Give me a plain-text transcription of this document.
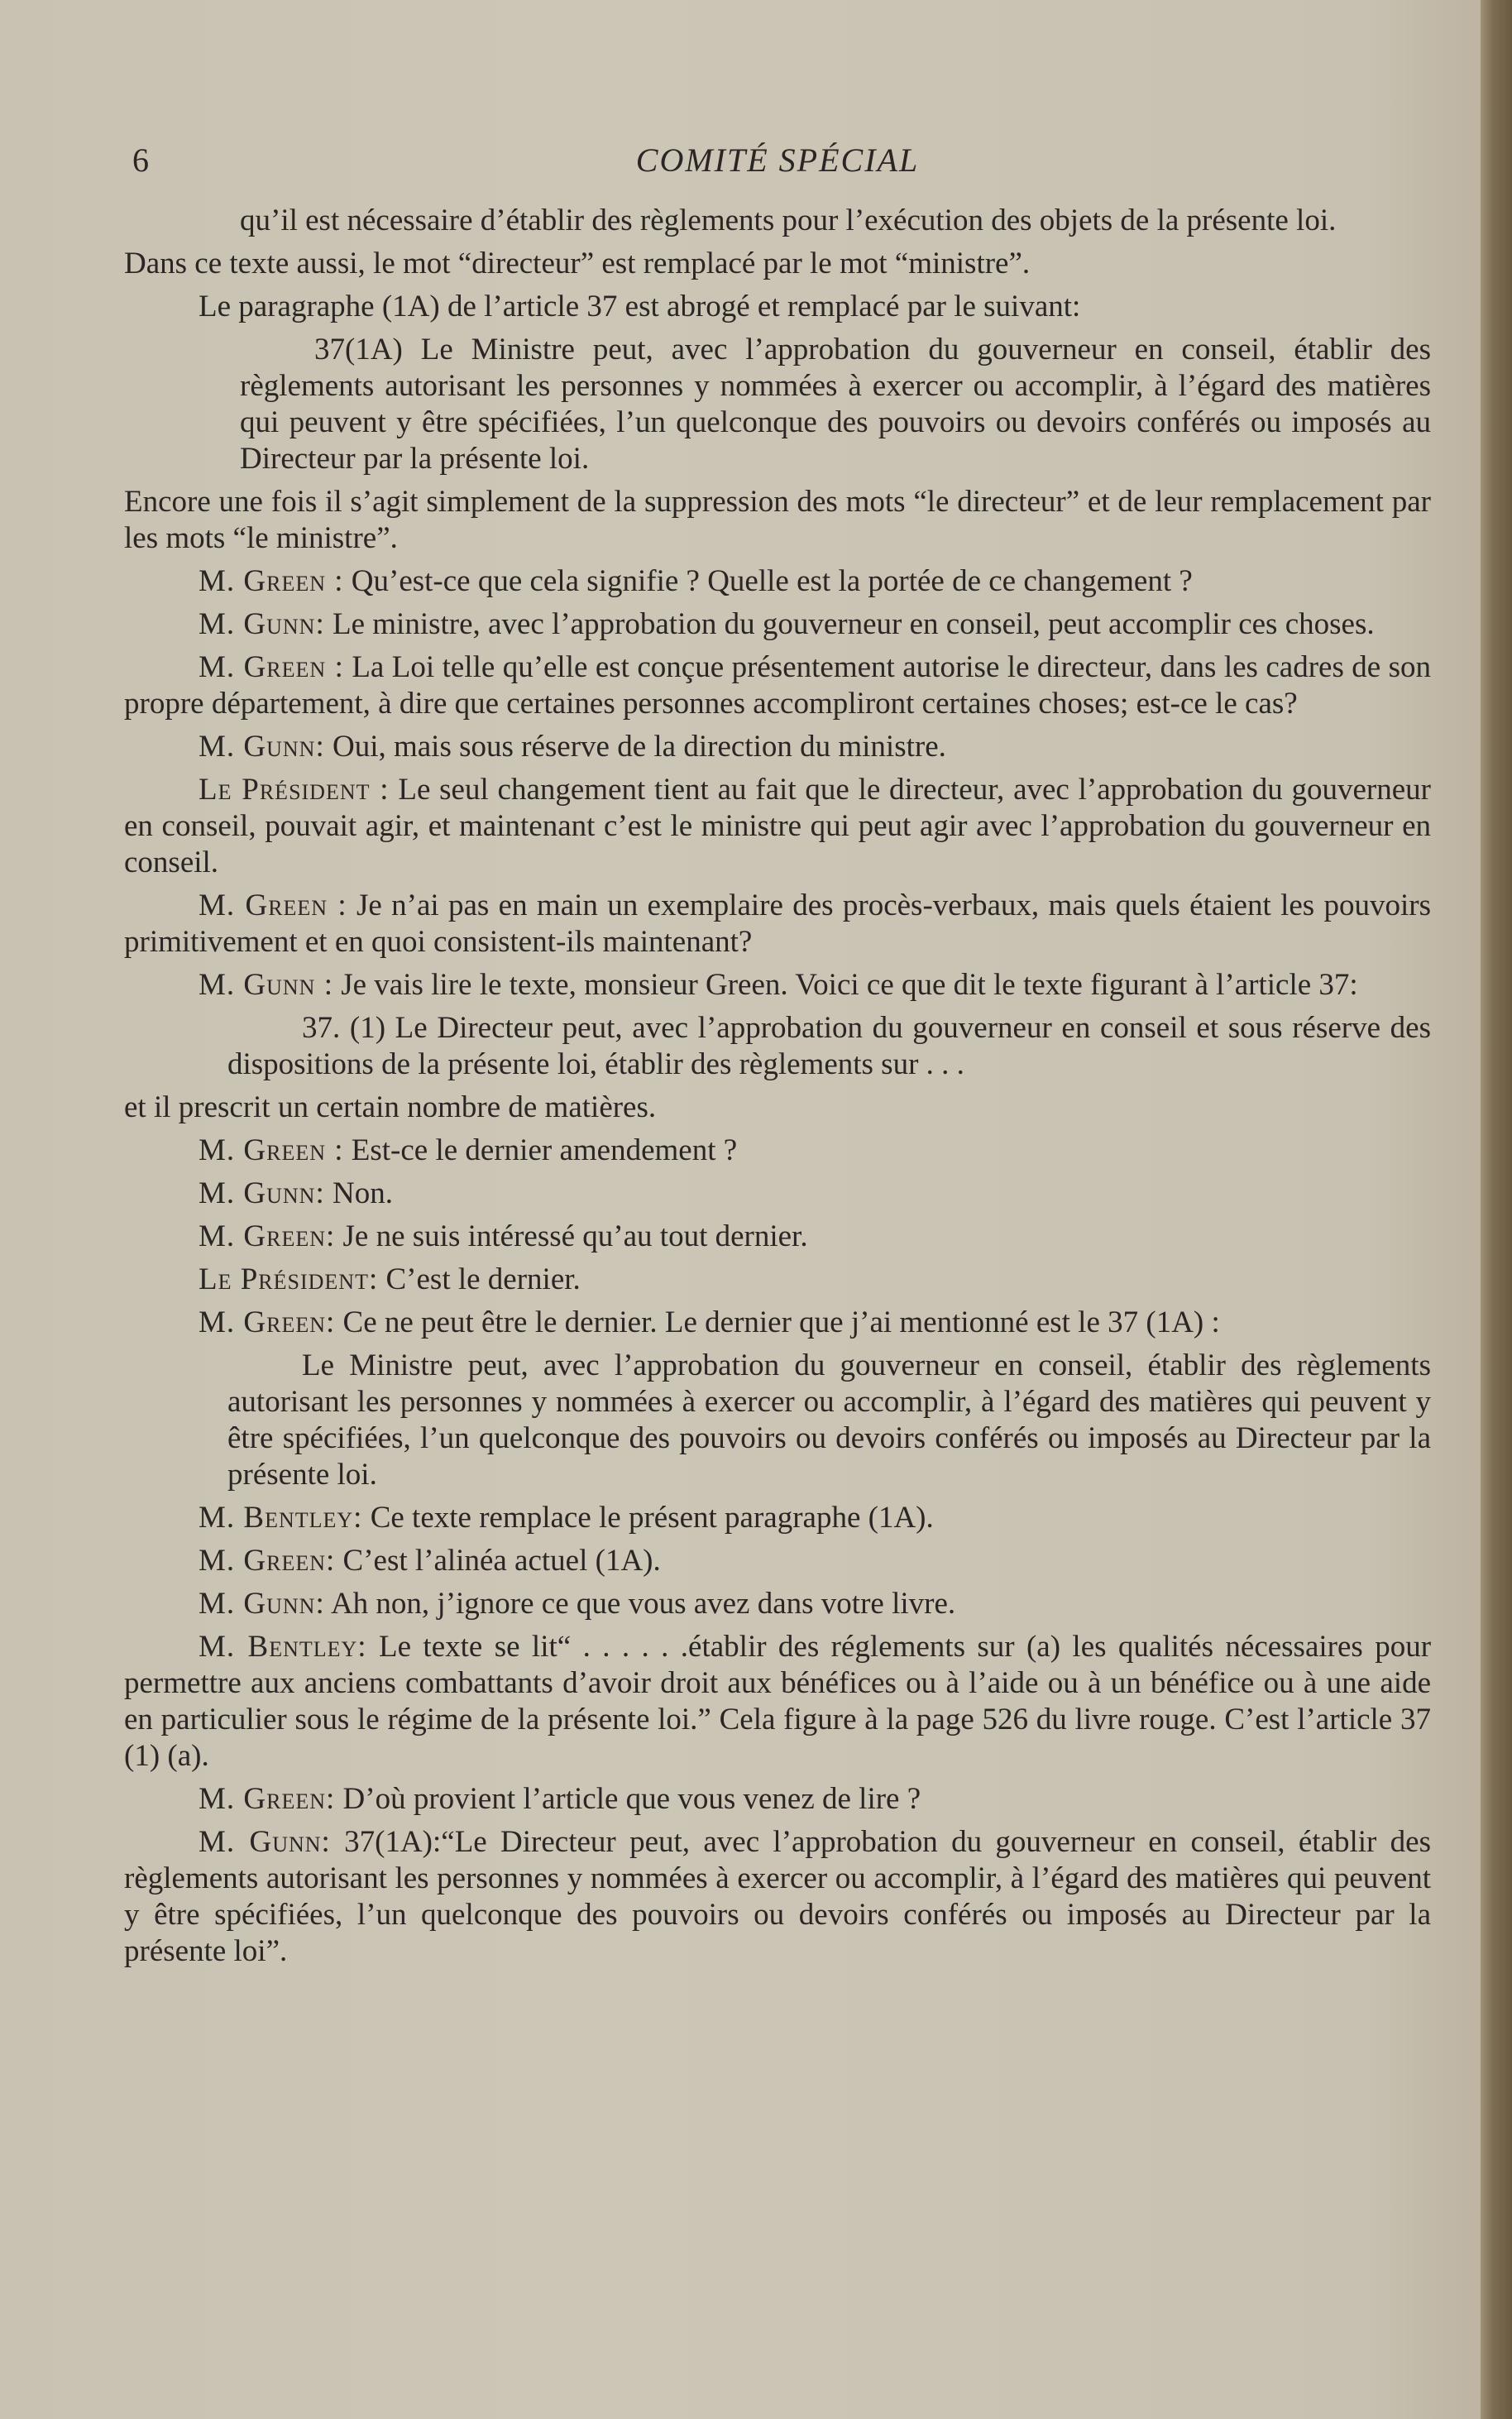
6	COMITÉ SPÉCIAL

qu’il est nécessaire d’établir des règlements pour l’exécution des objets de la présente loi.

Dans ce texte aussi, le mot “directeur” est remplacé par le mot “ministre”.

Le paragraphe (1A) de l’article 37 est abrogé et remplacé par le suivant:

37(1A) Le Ministre peut, avec l’approbation du gouverneur en conseil, établir des règlements autorisant les personnes y nommées à exercer ou accomplir, à l’égard des matières qui peuvent y être spécifiées, l’un quelconque des pouvoirs ou devoirs conférés ou imposés au Directeur par la présente loi.

Encore une fois il s’agit simplement de la suppression des mots “le directeur” et de leur remplacement par les mots “le ministre”.

M. Green : Qu’est-ce que cela signifie ? Quelle est la portée de ce changement ?

M. Gunn: Le ministre, avec l’approbation du gouverneur en conseil, peut accomplir ces choses.

M. Green : La Loi telle qu’elle est conçue présentement autorise le directeur, dans les cadres de son propre département, à dire que certaines personnes accompliront certaines choses; est-ce le cas?

M. Gunn: Oui, mais sous réserve de la direction du ministre.

Le Président : Le seul changement tient au fait que le directeur, avec l’approbation du gouverneur en conseil, pouvait agir, et maintenant c’est le ministre qui peut agir avec l’approbation du gouverneur en conseil.

M. Green : Je n’ai pas en main un exemplaire des procès-verbaux, mais quels étaient les pouvoirs primitivement et en quoi consistent-ils maintenant?

M. Gunn : Je vais lire le texte, monsieur Green. Voici ce que dit le texte figurant à l’article 37:

37. (1) Le Directeur peut, avec l’approbation du gouverneur en conseil et sous réserve des dispositions de la présente loi, établir des règlements sur . . .

et il prescrit un certain nombre de matières.

M. Green : Est-ce le dernier amendement ?

M. Gunn: Non.

M. Green: Je ne suis intéressé qu’au tout dernier.

Le Président: C’est le dernier.

M. Green: Ce ne peut être le dernier. Le dernier que j’ai mentionné est le 37 (1A) :

Le Ministre peut, avec l’approbation du gouverneur en conseil, établir des règlements autorisant les personnes y nommées à exercer ou accomplir, à l’égard des matières qui peuvent y être spécifiées, l’un quelconque des pouvoirs ou devoirs conférés ou imposés au Directeur par la présente loi.

M. Bentley: Ce texte remplace le présent paragraphe (1A).

M. Green: C’est l’alinéa actuel (1A).

M. Gunn: Ah non, j’ignore ce que vous avez dans votre livre.

M. Bentley: Le texte se lit“ . . . . . .établir des réglements sur (a) les qualités nécessaires pour permettre aux anciens combattants d’avoir droit aux bénéfices ou à l’aide ou à un bénéfice ou à une aide en particulier sous le régime de la présente loi.” Cela figure à la page 526 du livre rouge. C’est l’article 37 (1) (a).

M. Green: D’où provient l’article que vous venez de lire ?

M. Gunn: 37(1A):“Le Directeur peut, avec l’approbation du gouverneur en conseil, établir des règlements autorisant les personnes y nommées à exercer ou accomplir, à l’égard des matières qui peuvent y être spécifiées, l’un quelconque des pouvoirs ou devoirs conférés ou imposés au Directeur par la présente loi”.
